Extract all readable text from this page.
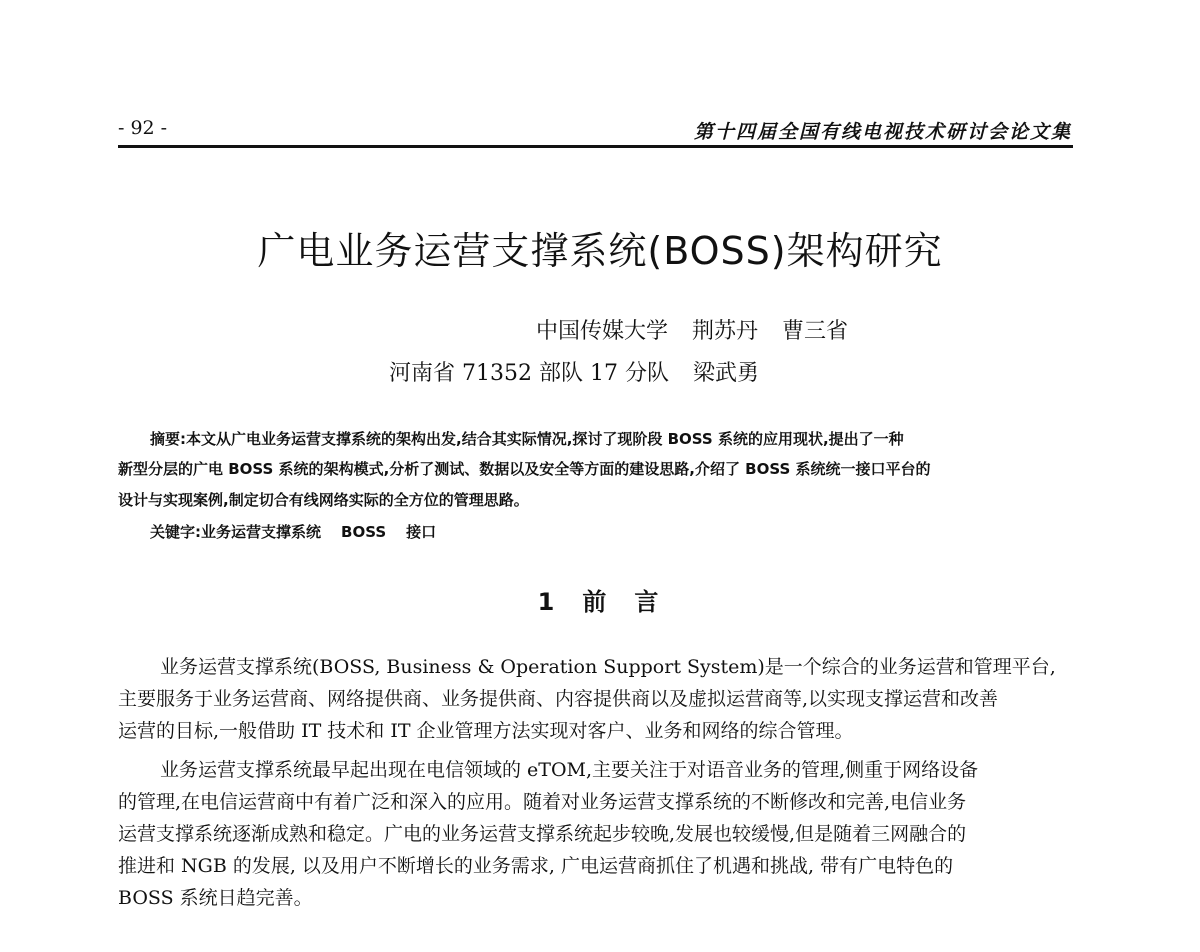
- 92 -	第十四届全国有线电视技术研讨会论文集
广电业务运营支撑系统(BOSS)架构研究
中国传媒大学 荆苏丹 曹三省
河南省 71352 部队 17 分队 梁武勇
摘要:本文从广电业务运营支撑系统的架构出发,结合其实际情况,探讨了现阶段 BOSS 系统的应用现状,提出了一种
新型分层的广电 BOSS 系统的架构模式,分析了测试、数据以及安全等方面的建设思路,介绍了 BOSS 系统统一接口平台的
设计与实现案例,制定切合有线网络实际的全方位的管理思路。
关键字:业务运营支撑系统 BOSS 接口
1 前 言
业务运营支撑系统(BOSS, Business & Operation Support System)是一个综合的业务运营和管理平台,
主要服务于业务运营商、网络提供商、业务提供商、内容提供商以及虚拟运营商等,以实现支撑运营和改善
运营的目标,一般借助 IT 技术和 IT 企业管理方法实现对客户、业务和网络的综合管理。
业务运营支撑系统最早起出现在电信领域的 eTOM,主要关注于对语音业务的管理,侧重于网络设备
的管理,在电信运营商中有着广泛和深入的应用。随着对业务运营支撑系统的不断修改和完善,电信业务
运营支撑系统逐渐成熟和稳定。广电的业务运营支撑系统起步较晚,发展也较缓慢,但是随着三网融合的
推进和 NGB 的发展, 以及用户不断增长的业务需求, 广电运营商抓住了机遇和挑战, 带有广电特色的
BOSS 系统日趋完善。
